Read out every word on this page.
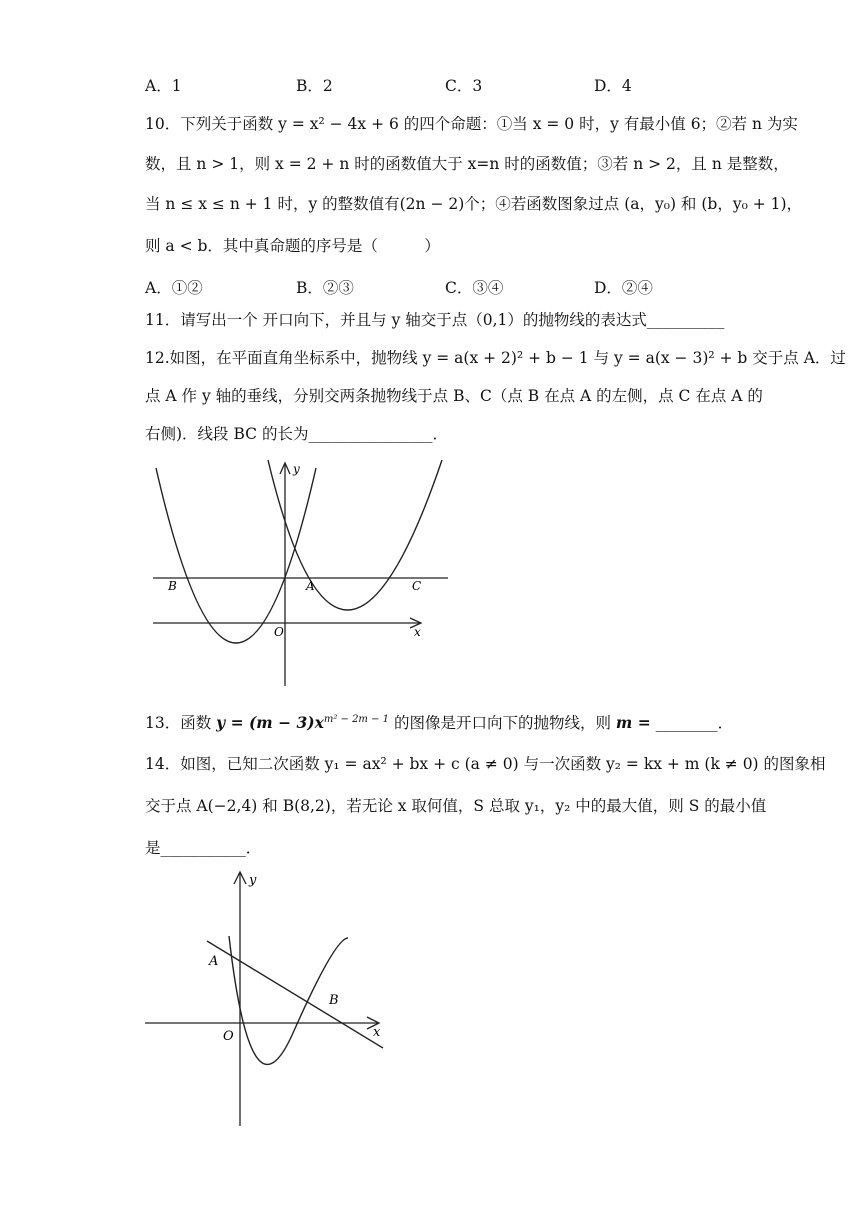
A．1	B．2	C．3	D．4
10．下列关于函数 y = x² − 4x + 6 的四个命题：①当 x = 0 时，y 有最小值 6；②若 n 为实
数，且 n > 1，则 x = 2 + n 时的函数值大于 x=n 时的函数值；③若 n > 2，且 n 是整数，
当 n ≤ x ≤ n + 1 时，y 的整数值有(2n − 2)个；④若函数图象过点 (a，y₀) 和 (b，y₀ + 1)，
则 a < b．其中真命题的序号是（　　　）
A．①②	B．②③	C．③④	D．②④
11．请写出一个 开口向下，并且与 y 轴交于点（0,1）的抛物线的表达式__________
12.如图，在平面直角坐标系中，抛物线 y = a(x + 2)² + b − 1 与 y = a(x − 3)² + b 交于点 A．过
点 A 作 y 轴的垂线，分别交两条抛物线于点 B、C（点 B 在点 A 的左侧，点 C 在点 A 的
右侧)．线段 BC 的长为________________．
y
x
O
A
B	C
13．函数 $y = (m - 3)x^{m^2 - 2m - 1}$ 的图像是开口向下的抛物线，则 m = ________．
14．如图，已知二次函数 y₁ = ax² + bx + c (a ≠ 0) 与一次函数 y₂ = kx + m (k ≠ 0) 的图象相
交于点 A(−2,4) 和 B(8,2)，若无论 x 取何值，S 总取 y₁，y₂ 中的最大值，则 S 的最小值
是___________．
y
x
O
A
B
